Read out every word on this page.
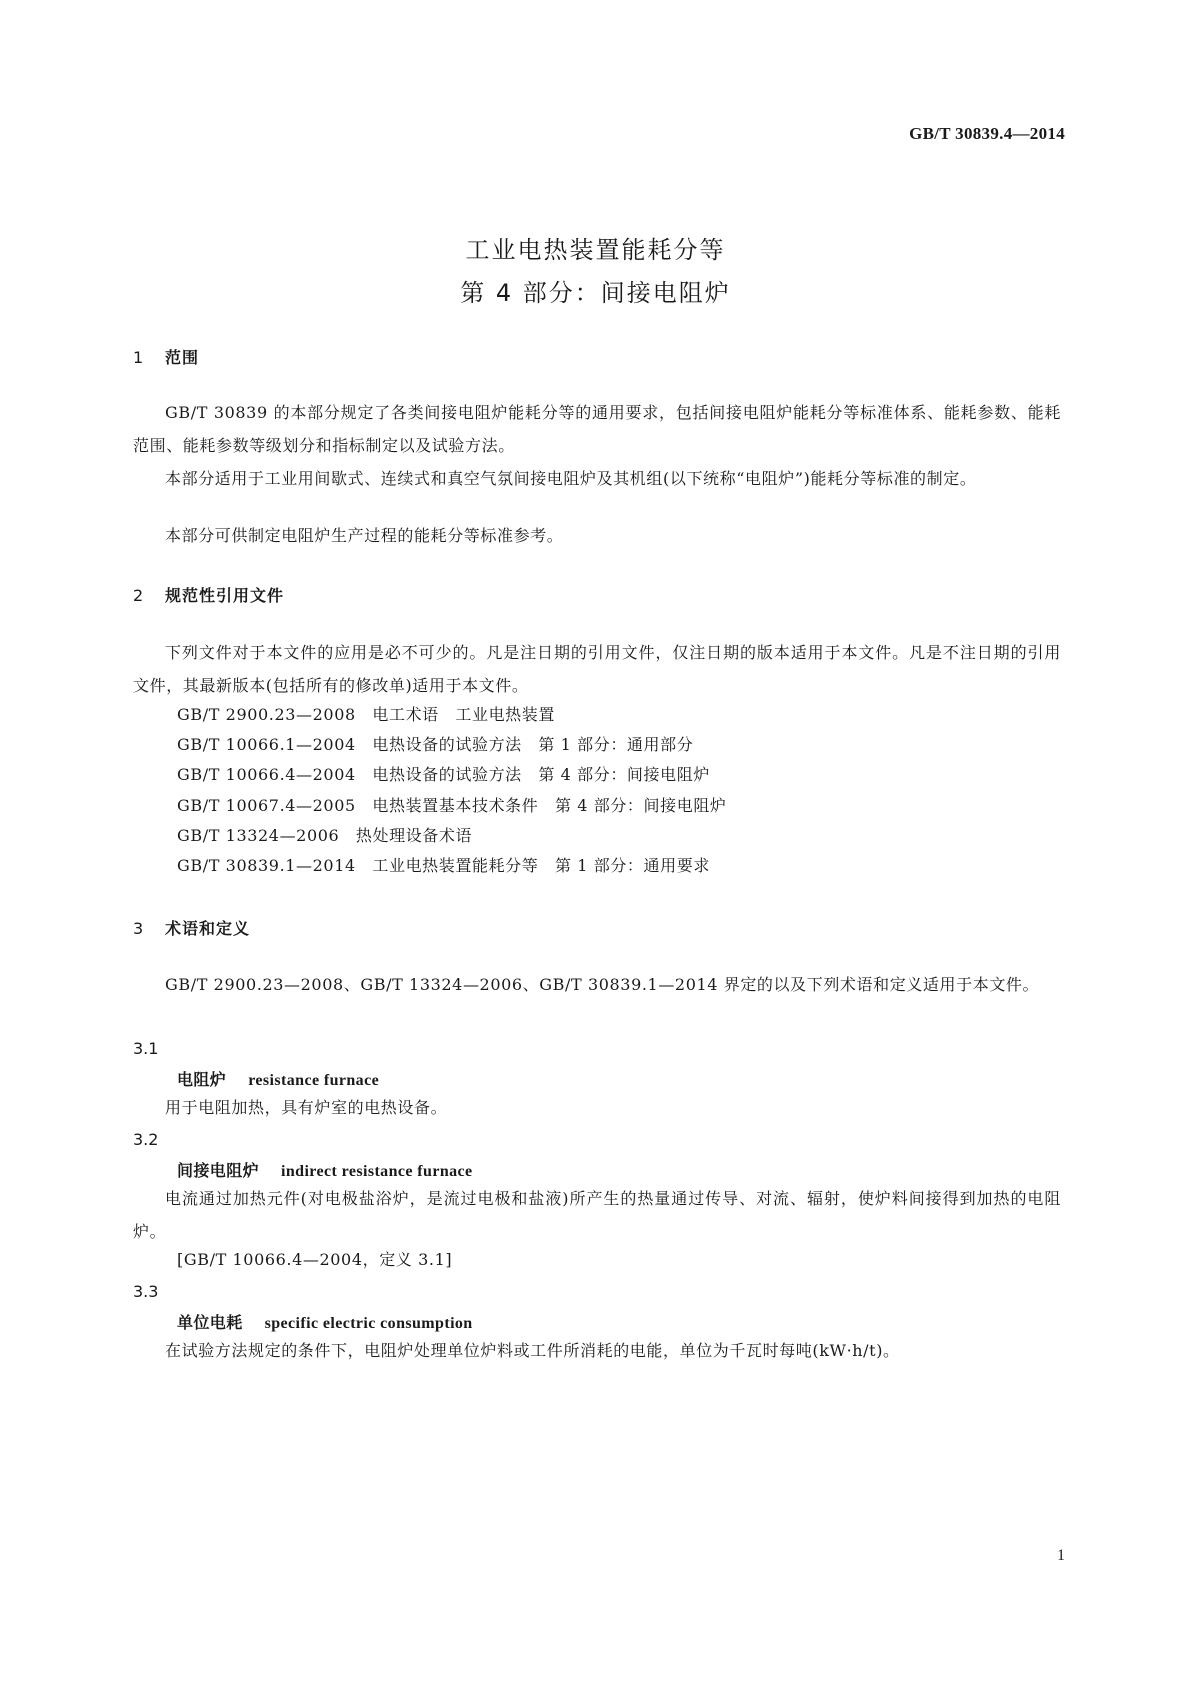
GB/T 30839.4—2014
工业电热装置能耗分等
第 4 部分：间接电阻炉
1 范围
GB/T 30839 的本部分规定了各类间接电阻炉能耗分等的通用要求，包括间接电阻炉能耗分等标准体系、能耗参数、能耗范围、能耗参数等级划分和指标制定以及试验方法。
本部分适用于工业用间歇式、连续式和真空气氛间接电阻炉及其机组(以下统称“电阻炉”)能耗分等标准的制定。
本部分可供制定电阻炉生产过程的能耗分等标准参考。
2 规范性引用文件
下列文件对于本文件的应用是必不可少的。凡是注日期的引用文件，仅注日期的版本适用于本文件。凡是不注日期的引用文件，其最新版本(包括所有的修改单)适用于本文件。
GB/T 2900.23—2008　电工术语　工业电热装置
GB/T 10066.1—2004　电热设备的试验方法　第 1 部分：通用部分
GB/T 10066.4—2004　电热设备的试验方法　第 4 部分：间接电阻炉
GB/T 10067.4—2005　电热装置基本技术条件　第 4 部分：间接电阻炉
GB/T 13324—2006　热处理设备术语
GB/T 30839.1—2014　工业电热装置能耗分等　第 1 部分：通用要求
3 术语和定义
GB/T 2900.23—2008、GB/T 13324—2006、GB/T 30839.1—2014 界定的以及下列术语和定义适用于本文件。
3.1
电阻炉 resistance furnace
用于电阻加热，具有炉室的电热设备。
3.2
间接电阻炉 indirect resistance furnace
电流通过加热元件(对电极盐浴炉，是流过电极和盐液)所产生的热量通过传导、对流、辐射，使炉料间接得到加热的电阻炉。
[GB/T 10066.4—2004，定义 3.1]
3.3
单位电耗 specific electric consumption
在试验方法规定的条件下，电阻炉处理单位炉料或工件所消耗的电能，单位为千瓦时每吨(kW·h/t)。
1
